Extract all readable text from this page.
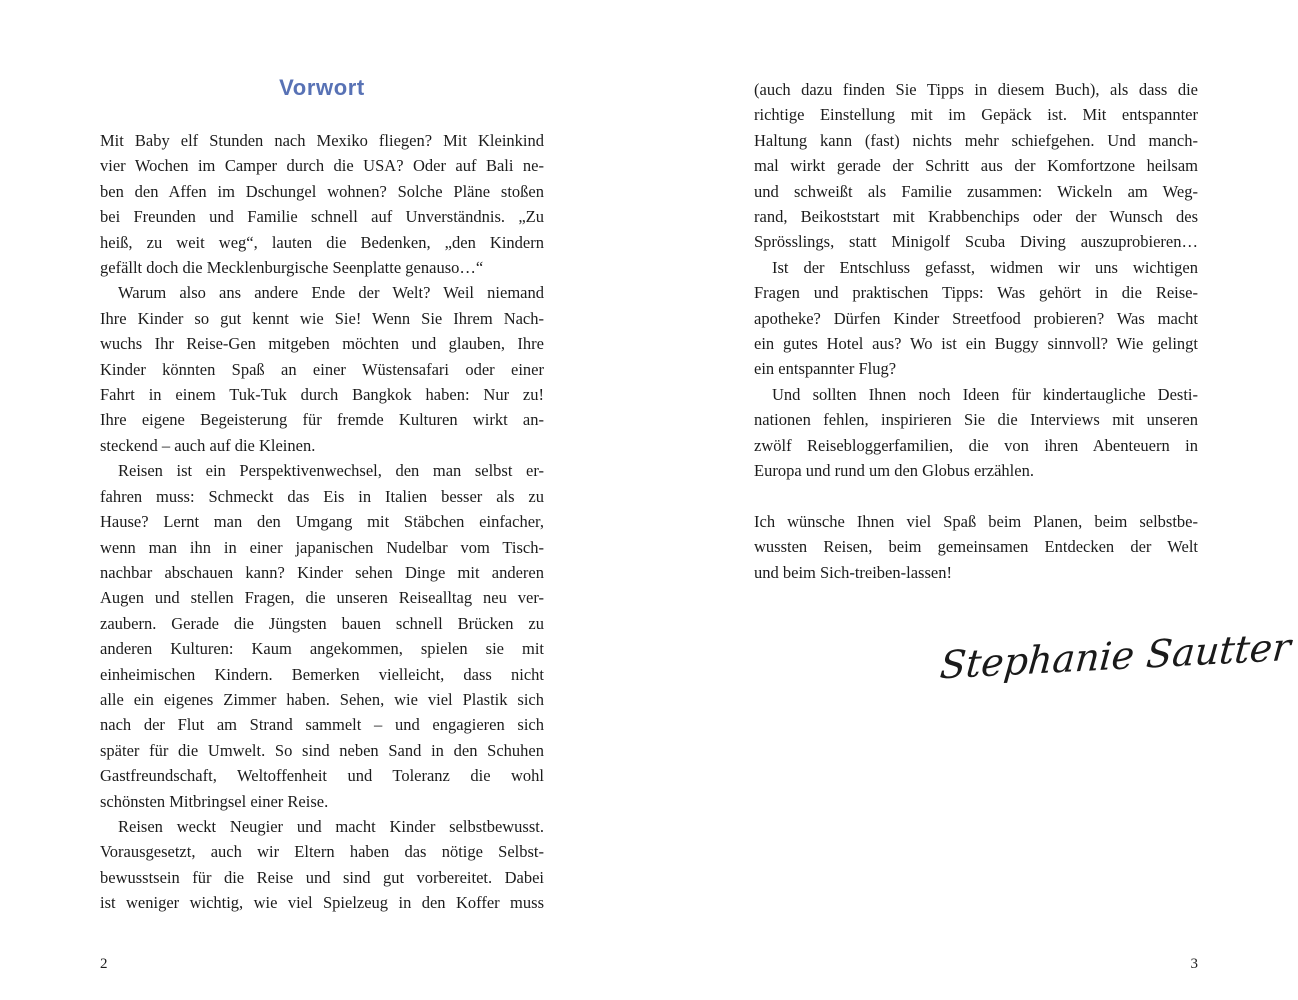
Vorwort

Mit Baby elf Stunden nach Mexiko fliegen? Mit Kleinkind
vier Wochen im Camper durch die USA? Oder auf Bali ne-
ben den Affen im Dschungel wohnen? Solche Pläne stoßen
bei Freunden und Familie schnell auf Unverständnis. „Zu
heiß, zu weit weg“, lauten die Bedenken, „den Kindern
gefällt doch die Mecklenburgische Seenplatte genauso…“

Warum also ans andere Ende der Welt? Weil niemand
Ihre Kinder so gut kennt wie Sie! Wenn Sie Ihrem Nach-
wuchs Ihr Reise-Gen mitgeben möchten und glauben, Ihre
Kinder könnten Spaß an einer Wüstensafari oder einer
Fahrt in einem Tuk-Tuk durch Bangkok haben: Nur zu!
Ihre eigene Begeisterung für fremde Kulturen wirkt an-
steckend – auch auf die Kleinen.

Reisen ist ein Perspektivenwechsel, den man selbst er-
fahren muss: Schmeckt das Eis in Italien besser als zu
Hause? Lernt man den Umgang mit Stäbchen einfacher,
wenn man ihn in einer japanischen Nudelbar vom Tisch-
nachbar abschauen kann? Kinder sehen Dinge mit anderen
Augen und stellen Fragen, die unseren Reisealltag neu ver-
zaubern. Gerade die Jüngsten bauen schnell Brücken zu
anderen Kulturen: Kaum angekommen, spielen sie mit
einheimischen Kindern. Bemerken vielleicht, dass nicht
alle ein eigenes Zimmer haben. Sehen, wie viel Plastik sich
nach der Flut am Strand sammelt – und engagieren sich
später für die Umwelt. So sind neben Sand in den Schuhen
Gastfreundschaft, Weltoffenheit und Toleranz die wohl
schönsten Mitbringsel einer Reise.

Reisen weckt Neugier und macht Kinder selbstbewusst.
Vorausgesetzt, auch wir Eltern haben das nötige Selbst-
bewusstsein für die Reise und sind gut vorbereitet. Dabei
ist weniger wichtig, wie viel Spielzeug in den Koffer muss

(auch dazu finden Sie Tipps in diesem Buch), als dass die
richtige Einstellung mit im Gepäck ist. Mit entspannter
Haltung kann (fast) nichts mehr schiefgehen. Und manch-
mal wirkt gerade der Schritt aus der Komfortzone heilsam
und schweißt als Familie zusammen: Wickeln am Weg-
rand, Beikoststart mit Krabbenchips oder der Wunsch des
Sprösslings, statt Minigolf Scuba Diving auszuprobieren…

Ist der Entschluss gefasst, widmen wir uns wichtigen
Fragen und praktischen Tipps: Was gehört in die Reise-
apotheke? Dürfen Kinder Streetfood probieren? Was macht
ein gutes Hotel aus? Wo ist ein Buggy sinnvoll? Wie gelingt
ein entspannter Flug?

Und sollten Ihnen noch Ideen für kindertaugliche Desti-
nationen fehlen, inspirieren Sie die Interviews mit unseren
zwölf Reisebloggerfamilien, die von ihren Abenteuern in
Europa und rund um den Globus erzählen.

Ich wünsche Ihnen viel Spaß beim Planen, beim selbstbe-
wussten Reisen, beim gemeinsamen Entdecken der Welt
und beim Sich-treiben-lassen!

Stephanie Sautter
2	3
